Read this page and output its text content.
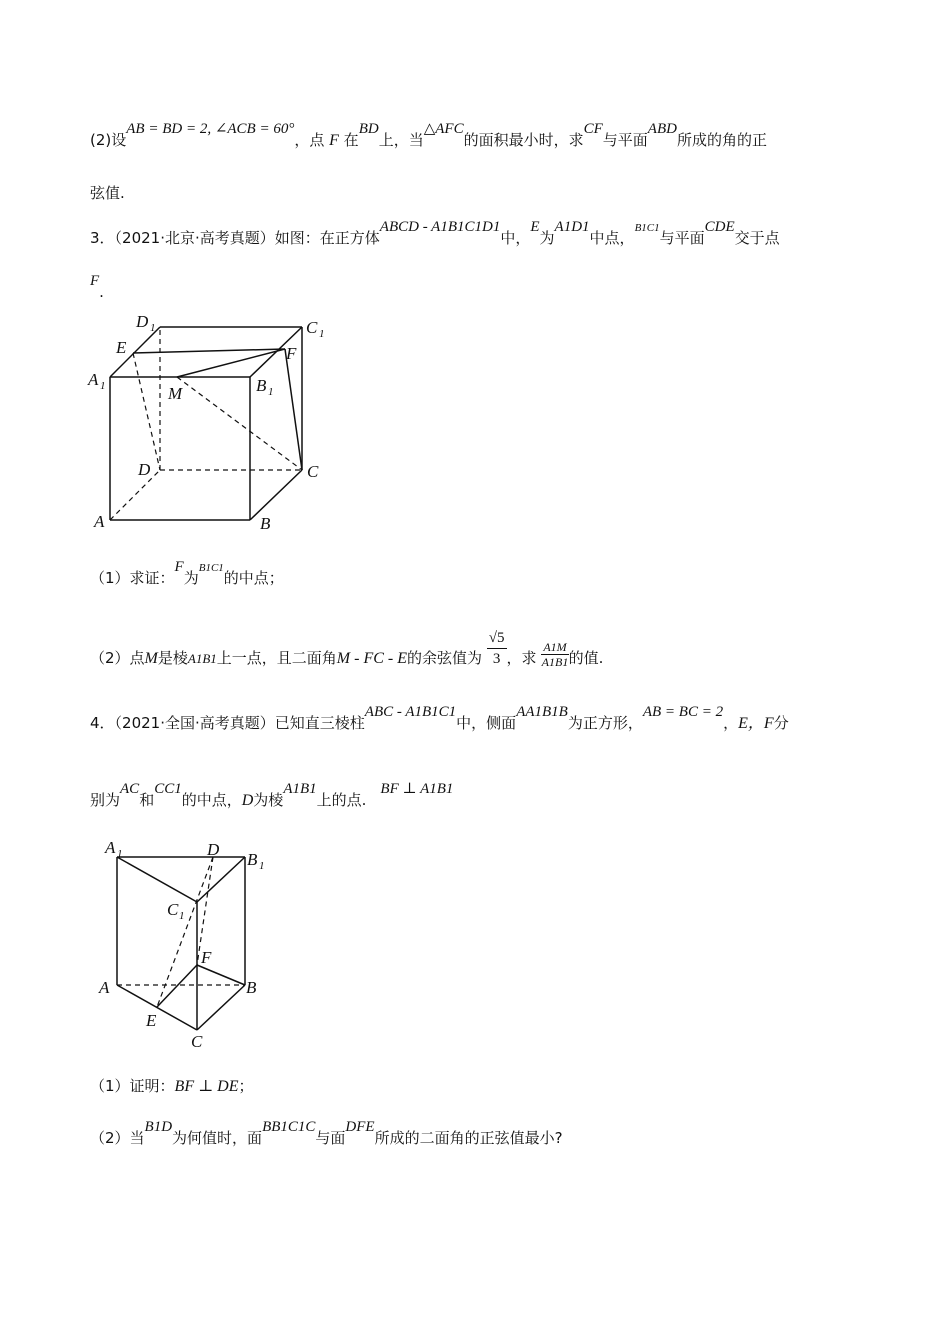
(2)设AB = BD = 2, ∠ACB = 60°，点 F 在BD上，当△AFC的面积最小时，求CF与平面ABD所成的角的正
弦值.
3．（2021·北京·高考真题）如图：在正方体ABCD - A1B1C1D1中，E为A1D1中点，$^{B1C1}$与平面CDE交于点
F.
D 1	C 1
E	F
A 1	M	B 1
D	C
A	B
（1）求证：F为$^{B1C1}$的中点；
（2）点M是棱A1B1上一点，且二面角M - FC - E的余弦值为 $\frac{√5}{3}$ ，求 $\frac{A1M}{A1B1}$ 的值.
4．（2021·全国·高考真题）已知直三棱柱ABC - A1B1C1中，侧面AA1B1B为正方形，AB = BC = 2，E，F分
别为AC和CC1的中点，D为棱A1B1上的点.BF ⊥ A1B1
A 1	D
B 1
C 1
F
A	B
E
C
（1）证明：BF ⊥ DE；
（2）当B1D为何值时，面BB1C1C与面DFE所成的二面角的正弦值最小?
